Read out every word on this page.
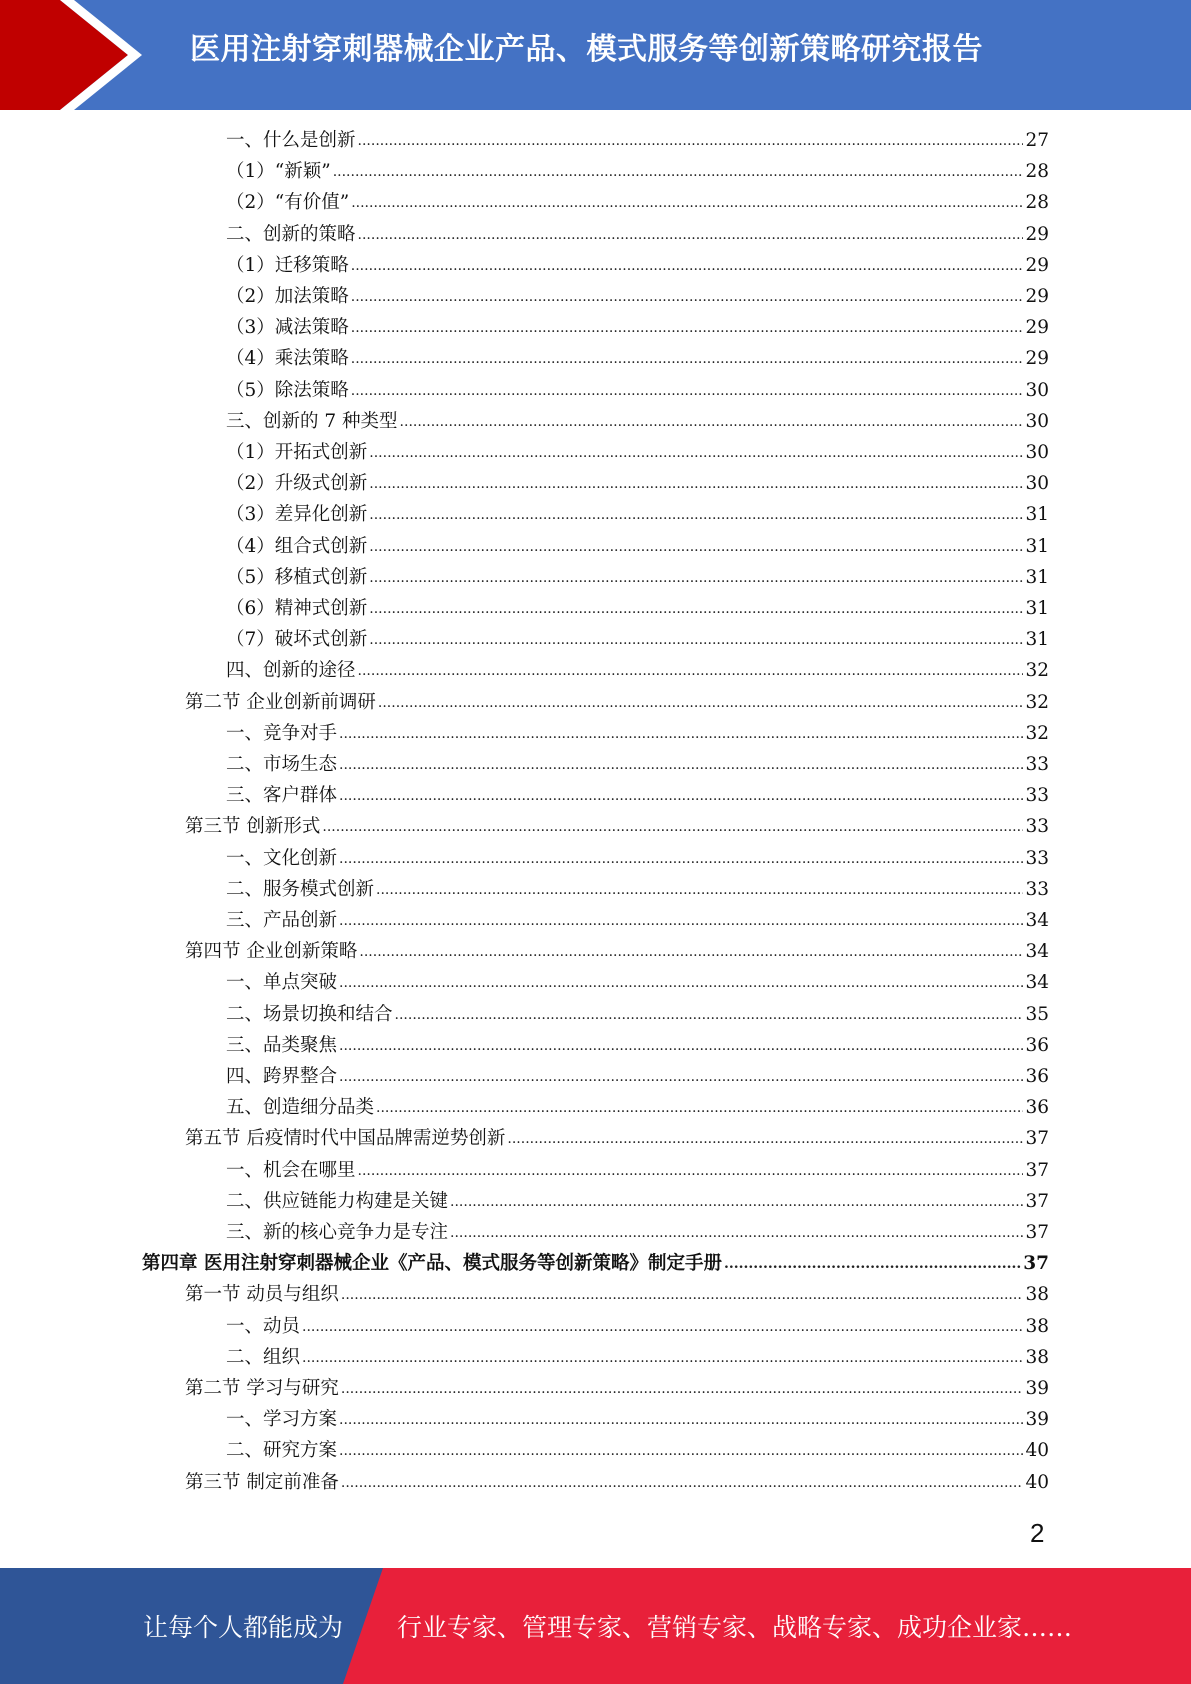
医用注射穿刺器械企业产品、模式服务等创新策略研究报告
一、什么是创新 .....	27
（1）“新颖” .....	28
（2）“有价值” .....	28
二、创新的策略 .....	29
（1）迁移策略 .....	29
（2）加法策略 .....	29
（3）减法策略 .....	29
（4）乘法策略 .....	29
（5）除法策略 .....	30
三、创新的 7 种类型 .....	30
（1）开拓式创新 .....	30
（2）升级式创新 .....	30
（3）差异化创新 .....	31
（4）组合式创新 .....	31
（5）移植式创新 .....	31
（6）精神式创新 .....	31
（7）破坏式创新 .....	31
四、创新的途径 .....	32
第二节 企业创新前调研 .....	32
一、竞争对手 .....	32
二、市场生态 .....	33
三、客户群体 .....	33
第三节 创新形式 .....	33
一、文化创新 .....	33
二、服务模式创新 .....	33
三、产品创新 .....	34
第四节 企业创新策略 .....	34
一、单点突破 .....	34
二、场景切换和结合 .....	35
三、品类聚焦 .....	36
四、跨界整合 .....	36
五、创造细分品类 .....	36
第五节 后疫情时代中国品牌需逆势创新 .....	37
一、机会在哪里 .....	37
二、供应链能力构建是关键 .....	37
三、新的核心竞争力是专注 .....	37
第四章 医用注射穿刺器械企业《产品、模式服务等创新策略》制定手册 .....	37
第一节 动员与组织 .....	38
一、动员 .....	38
二、组织 .....	38
第二节 学习与研究 .....	39
一、学习方案 .....	39
二、研究方案 .....	40
第三节 制定前准备 .....	40
2
让每个人都能成为 行业专家、管理专家、营销专家、战略专家、成功企业家……
